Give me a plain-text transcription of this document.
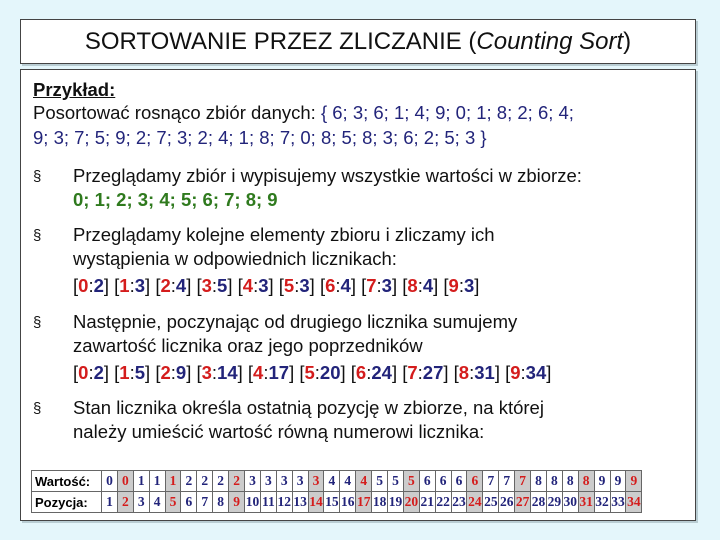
SORTOWANIE PRZEZ ZLICZANIE (Counting Sort)
Przykład:
Posortować rosnąco zbiór danych: { 6; 3; 6; 1; 4; 9; 0; 1; 8; 2; 6; 4;
9; 3; 7; 5; 9; 2; 7; 3; 2; 4; 1; 8; 7; 0; 8; 5; 8; 3; 6; 2; 5; 3 }
§ Przeglądamy zbiór i wypisujemy wszystkie wartości w zbiorze:
0; 1; 2; 3; 4; 5; 6; 7; 8; 9
§ Przeglądamy kolejne elementy zbioru i zliczamy ich
wystąpienia w odpowiednich licznikach:
[0:2] [1:3] [2:4] [3:5] [4:3] [5:3] [6:4] [7:3] [8:4] [9:3]
§ Następnie, poczynając od drugiego licznika sumujemy
zawartość licznika oraz jego poprzedników
[0:2] [1:5] [2:9] [3:14] [4:17] [5:20] [6:24] [7:27] [8:31] [9:34]
§ Stan licznika określa ostatnią pozycję w zbiorze, na której
należy umieścić wartość równą numerowi licznika:
Wartość:	0	0	1	1	1	2	2	2	2	3	3	3	3	3	4	4	4	5	5	5	6	6	6	6	7	7	7	8	8	8	8	9	9	9
Pozycja:	1	2	3	4	5	6	7	8	9	10	11	12	13	14	15	16	17	18	19	20	21	22	23	24	25	26	27	28	29	30	31	32	33	34
